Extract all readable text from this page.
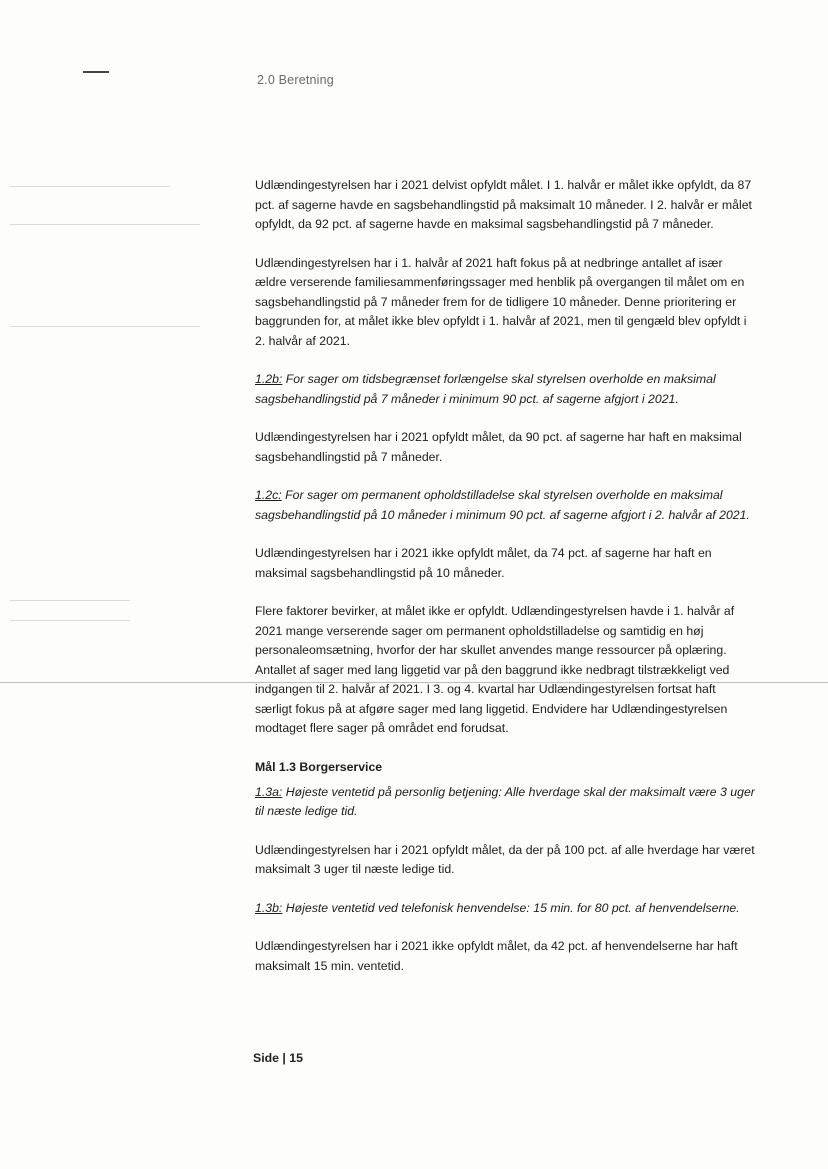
2.0 Beretning

Udlændingestyrelsen har i 2021 delvist opfyldt målet. I 1. halvår er målet ikke opfyldt, da 87 pct. af sagerne havde en sagsbehandlingstid på maksimalt 10 måneder. I 2. halvår er målet opfyldt, da 92 pct. af sagerne havde en maksimal sagsbehandlingstid på 7 måneder.

Udlændingestyrelsen har i 1. halvår af 2021 haft fokus på at nedbringe antallet af især ældre verserende familiesammenføringssager med henblik på overgangen til målet om en sagsbehandlingstid på 7 måneder frem for de tidligere 10 måneder. Denne prioritering er baggrunden for, at målet ikke blev opfyldt i 1. halvår af 2021, men til gengæld blev opfyldt i 2. halvår af 2021.

1.2b: For sager om tidsbegrænset forlængelse skal styrelsen overholde en maksimal sagsbehandlingstid på 7 måneder i minimum 90 pct. af sagerne afgjort i 2021.

Udlændingestyrelsen har i 2021 opfyldt målet, da 90 pct. af sagerne har haft en maksimal sagsbehandlingstid på 7 måneder.

1.2c: For sager om permanent opholdstilladelse skal styrelsen overholde en maksimal sagsbehandlingstid på 10 måneder i minimum 90 pct. af sagerne afgjort i 2. halvår af 2021.

Udlændingestyrelsen har i 2021 ikke opfyldt målet, da 74 pct. af sagerne har haft en maksimal sagsbehandlingstid på 10 måneder.

Flere faktorer bevirker, at målet ikke er opfyldt. Udlændingestyrelsen havde i 1. halvår af 2021 mange verserende sager om permanent opholdstilladelse og samtidig en høj personaleomsætning, hvorfor der har skullet anvendes mange ressourcer på oplæring. Antallet af sager med lang liggetid var på den baggrund ikke nedbragt tilstrækkeligt ved indgangen til 2. halvår af 2021. I 3. og 4. kvartal har Udlændingestyrelsen fortsat haft særligt fokus på at afgøre sager med lang liggetid. Endvidere har Udlændingestyrelsen modtaget flere sager på området end forudsat.

Mål 1.3 Borgerservice

1.3a: Højeste ventetid på personlig betjening: Alle hverdage skal der maksimalt være 3 uger til næste ledige tid.

Udlændingestyrelsen har i 2021 opfyldt målet, da der på 100 pct. af alle hverdage har været maksimalt 3 uger til næste ledige tid.

1.3b: Højeste ventetid ved telefonisk henvendelse: 15 min. for 80 pct. af henvendelserne.

Udlændingestyrelsen har i 2021 ikke opfyldt målet, da 42 pct. af henvendelserne har haft maksimalt 15 min. ventetid.

Side | 15
